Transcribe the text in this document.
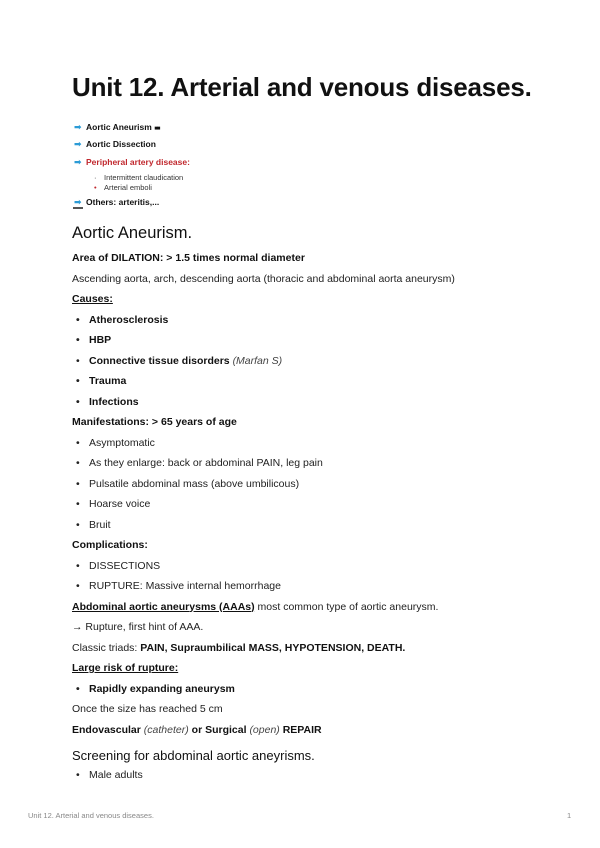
Unit 12. Arterial and venous diseases.
➡ Aortic Aneurism ■■
➡ Aortic Dissection
➡ Peripheral artery disease:
· Intermittent claudication
• Arterial emboli
➡ Others: arteritis,...
Aortic Aneurism.
Area of DILATION: > 1.5 times normal diameter
Ascending aorta, arch, descending aorta (thoracic and abdominal aorta aneurysm)
Causes:
• Atherosclerosis
• HBP
• Connective tissue disorders (Marfan S)
• Trauma
• Infections
Manifestations: > 65 years of age
• Asymptomatic
• As they enlarge: back or abdominal PAIN, leg pain
• Pulsatile abdominal mass (above umbilicous)
• Hoarse voice
• Bruit
Complications:
• DISSECTIONS
• RUPTURE: Massive internal hemorrhage
Abdominal aortic aneurysms (AAAs) most common type of aortic aneurysm.
→ Rupture, first hint of AAA.
Classic triads: PAIN, Supraumbilical MASS, HYPOTENSION, DEATH.
Large risk of rupture:
• Rapidly expanding aneurysm
Once the size has reached 5 cm
Endovascular (catheter) or Surgical (open) REPAIR
Screening for abdominal aortic aneyrisms.
• Male adults
Unit 12. Arterial and venous diseases.	1
